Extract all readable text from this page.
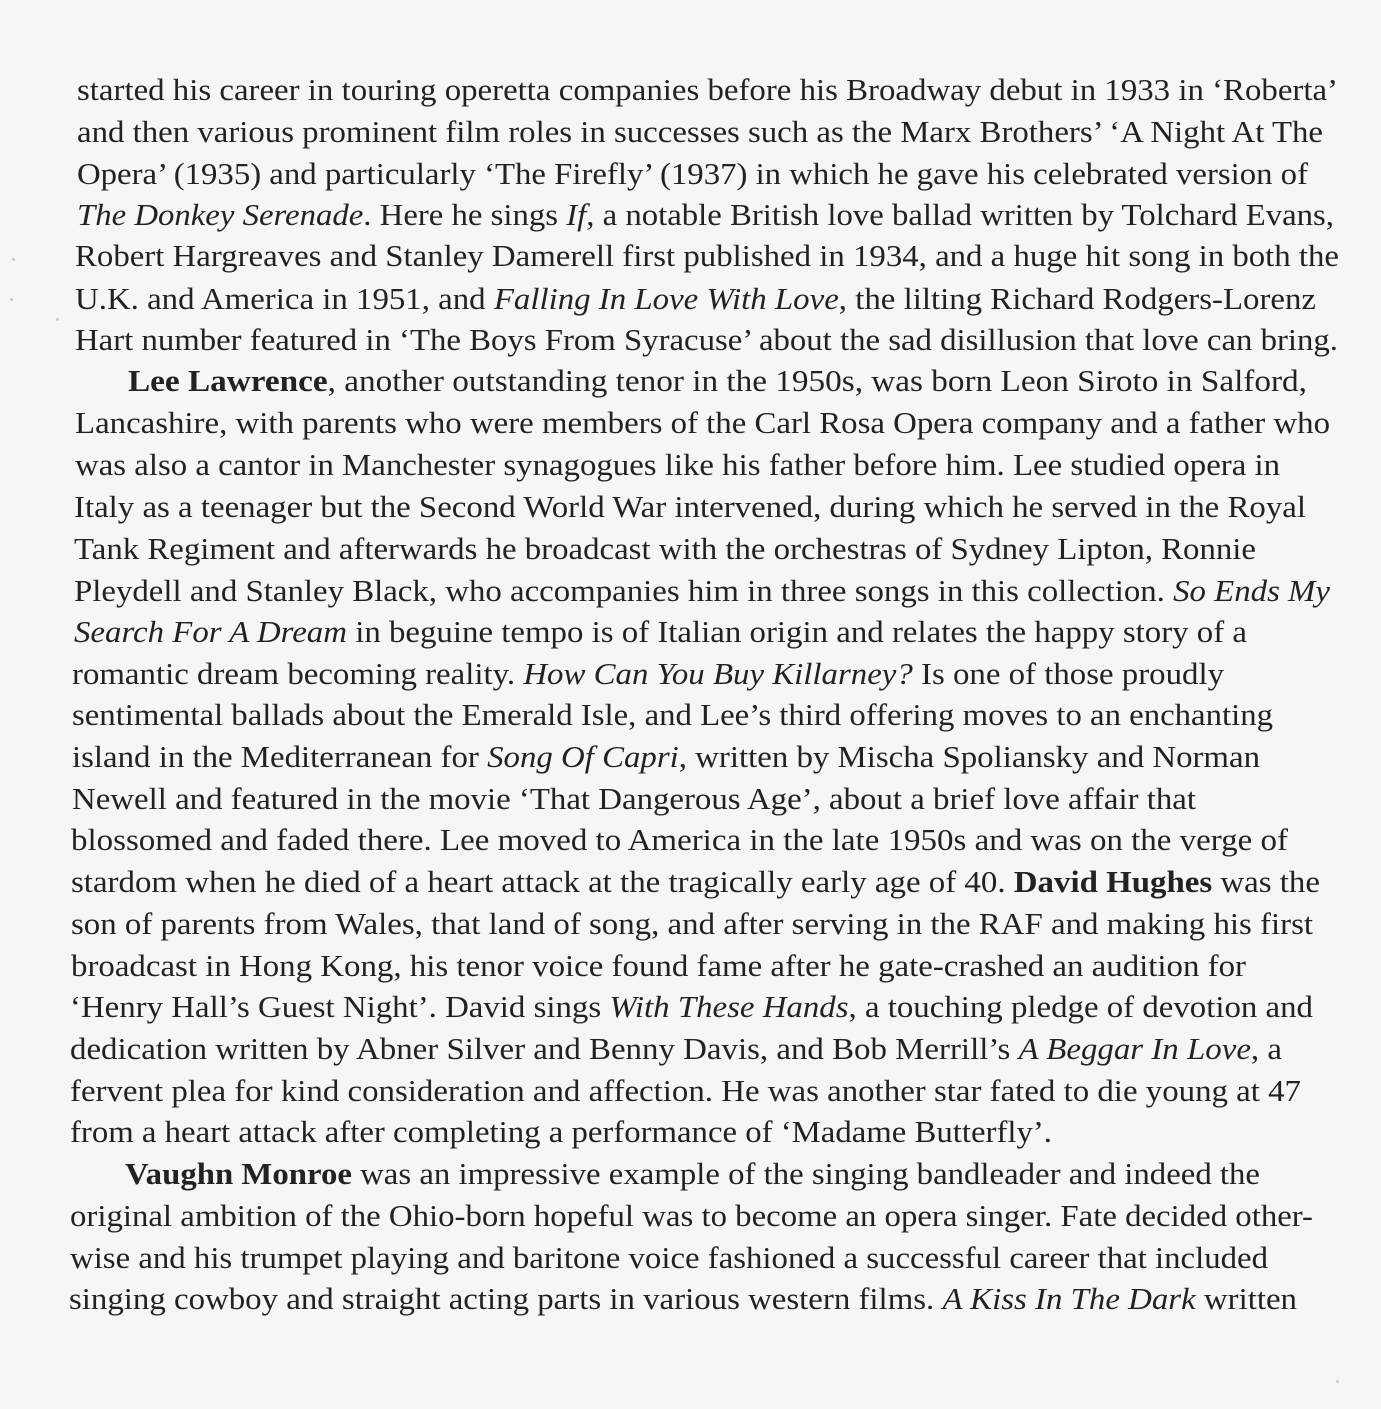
started his career in touring operetta companies before his Broadway debut in 1933 in ‘Roberta’

and then various prominent film roles in successes such as the Marx Brothers’ ‘A Night At The

Opera’ (1935) and particularly ‘The Firefly’ (1937) in which he gave his celebrated version of

The Donkey Serenade. Here he sings If, a notable British love ballad written by Tolchard Evans,

Robert Hargreaves and Stanley Damerell first published in 1934, and a huge hit song in both the

U.K. and America in 1951, and Falling In Love With Love, the lilting Richard Rodgers-Lorenz

Hart number featured in ‘The Boys From Syracuse’ about the sad disillusion that love can bring.

Lee Lawrence, another outstanding tenor in the 1950s, was born Leon Siroto in Salford,

Lancashire, with parents who were members of the Carl Rosa Opera company and a father who

was also a cantor in Manchester synagogues like his father before him. Lee studied opera in

Italy as a teenager but the Second World War intervened, during which he served in the Royal

Tank Regiment and afterwards he broadcast with the orchestras of Sydney Lipton, Ronnie

Pleydell and Stanley Black, who accompanies him in three songs in this collection. So Ends My

Search For A Dream in beguine tempo is of Italian origin and relates the happy story of a

romantic dream becoming reality. How Can You Buy Killarney? Is one of those proudly

sentimental ballads about the Emerald Isle, and Lee’s third offering moves to an enchanting

island in the Mediterranean for Song Of Capri, written by Mischa Spoliansky and Norman

Newell and featured in the movie ‘That Dangerous Age’, about a brief love affair that

blossomed and faded there. Lee moved to America in the late 1950s and was on the verge of

stardom when he died of a heart attack at the tragically early age of 40. David Hughes was the

son of parents from Wales, that land of song, and after serving in the RAF and making his first

broadcast in Hong Kong, his tenor voice found fame after he gate-crashed an audition for

‘Henry Hall’s Guest Night’. David sings With These Hands, a touching pledge of devotion and

dedication written by Abner Silver and Benny Davis, and Bob Merrill’s A Beggar In Love, a

fervent plea for kind consideration and affection. He was another star fated to die young at 47

from a heart attack after completing a performance of ‘Madame Butterfly’.

Vaughn Monroe was an impressive example of the singing bandleader and indeed the

original ambition of the Ohio-born hopeful was to become an opera singer. Fate decided other-

wise and his trumpet playing and baritone voice fashioned a successful career that included

singing cowboy and straight acting parts in various western films. A Kiss In The Dark written
